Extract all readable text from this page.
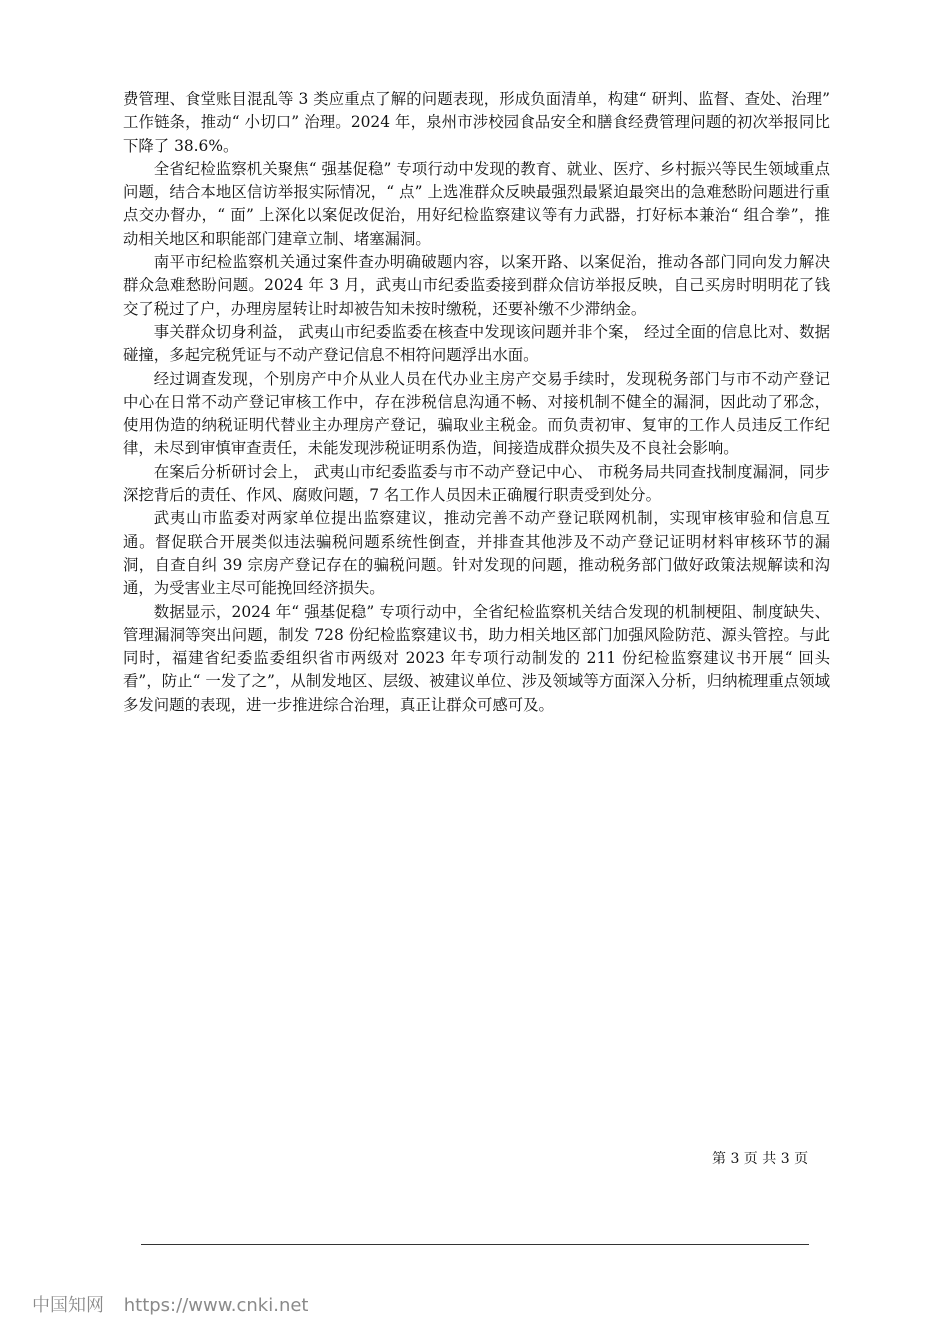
费管理、食堂账目混乱等 3 类应重点了解的问题表现，形成负面清单，构建“ 研判、监督、查处、治理” 工作链条，推动“ 小切口” 治理。2024 年，泉州市涉校园食品安全和膳食经费管理问题的初次举报同比下降了 38.6%。

全省纪检监察机关聚焦“ 强基促稳” 专项行动中发现的教育、就业、医疗、乡村振兴等民生领域重点问题，结合本地区信访举报实际情况，“ 点” 上选准群众反映最强烈最紧迫最突出的急难愁盼问题进行重点交办督办，“ 面” 上深化以案促改促治，用好纪检监察建议等有力武器，打好标本兼治“ 组合拳”，推动相关地区和职能部门建章立制、堵塞漏洞。

南平市纪检监察机关通过案件查办明确破题内容，以案开路、以案促治，推动各部门同向发力解决群众急难愁盼问题。2024 年 3 月，武夷山市纪委监委接到群众信访举报反映，自己买房时明明花了钱交了税过了户，办理房屋转让时却被告知未按时缴税，还要补缴不少滞纳金。

事关群众切身利益， 武夷山市纪委监委在核查中发现该问题并非个案， 经过全面的信息比对、数据碰撞，多起完税凭证与不动产登记信息不相符问题浮出水面。

经过调查发现，个别房产中介从业人员在代办业主房产交易手续时，发现税务部门与市不动产登记中心在日常不动产登记审核工作中，存在涉税信息沟通不畅、对接机制不健全的漏洞，因此动了邪念，使用伪造的纳税证明代替业主办理房产登记，骗取业主税金。而负责初审、复审的工作人员违反工作纪律，未尽到审慎审查责任，未能发现涉税证明系伪造，间接造成群众损失及不良社会影响。

在案后分析研讨会上， 武夷山市纪委监委与市不动产登记中心、 市税务局共同查找制度漏洞，同步深挖背后的责任、作风、腐败问题，7 名工作人员因未正确履行职责受到处分。

武夷山市监委对两家单位提出监察建议，推动完善不动产登记联网机制，实现审核审验和信息互通。督促联合开展类似违法骗税问题系统性倒查，并排查其他涉及不动产登记证明材料审核环节的漏洞，自查自纠 39 宗房产登记存在的骗税问题。针对发现的问题，推动税务部门做好政策法规解读和沟通，为受害业主尽可能挽回经济损失。

数据显示，2024 年“ 强基促稳” 专项行动中，全省纪检监察机关结合发现的机制梗阻、制度缺失、管理漏洞等突出问题，制发 728 份纪检监察建议书，助力相关地区部门加强风险防范、源头管控。与此同时，福建省纪委监委组织省市两级对 2023 年专项行动制发的 211 份纪检监察建议书开展“ 回头看”，防止“ 一发了之”，从制发地区、层级、被建议单位、涉及领域等方面深入分析，归纳梳理重点领域多发问题的表现，进一步推进综合治理，真正让群众可感可及。

第 3 页 共 3 页
中国知网 https://www.cnki.net
